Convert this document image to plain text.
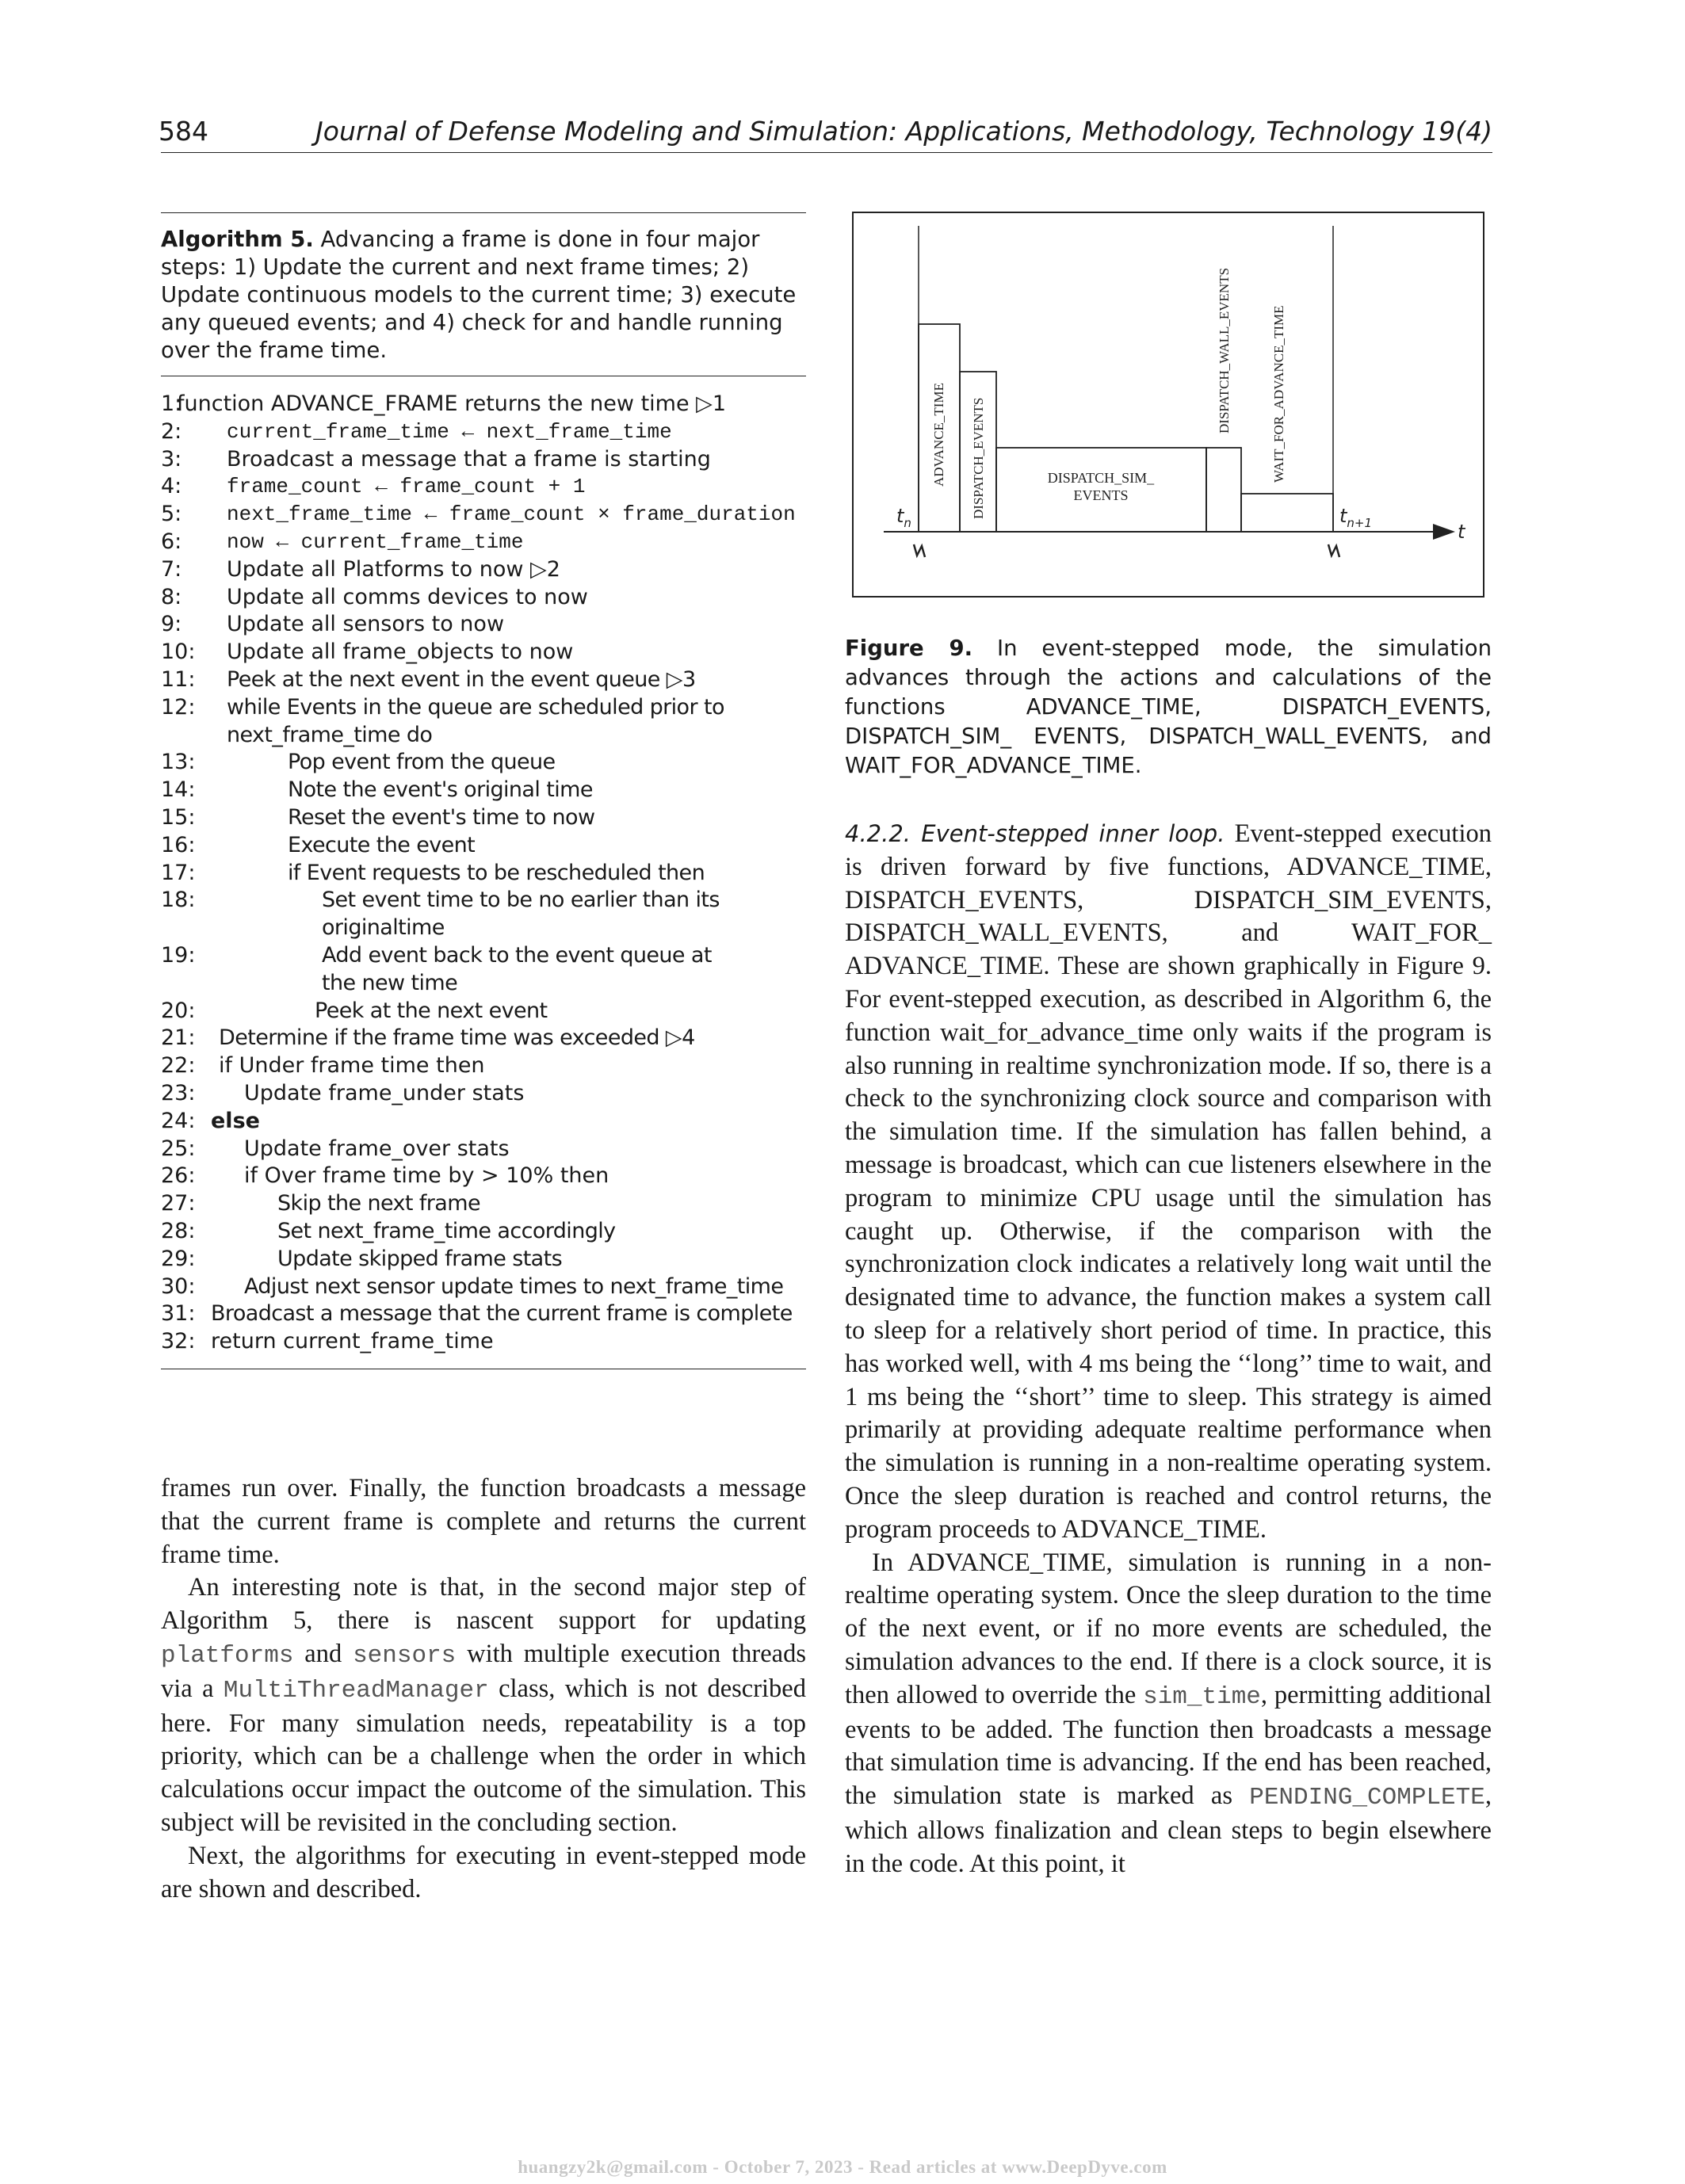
584	Journal of Defense Modeling and Simulation: Applications, Methodology, Technology 19(4)
Algorithm 5. Advancing a frame is done in four major steps: 1) Update the current and next frame times; 2) Update continuous models to the current time; 3) execute any queued events; and 4) check for and handle running over the frame time.
1:
function ADVANCE_FRAME returns the new time ▷1
2: current_frame_time ← next_frame_time
3: Broadcast a message that a frame is starting
4: frame_count ← frame_count + 1
5: next_frame_time ← frame_count × frame_duration
6: now ← current_frame_time
7: Update all Platforms to now ▷2
8: Update all comms devices to now
9: Update all sensors to now
10: Update all frame_objects to now
11: Peek at the next event in the event queue ▷3
12: while Events in the queue are scheduled prior to next_frame_time do
13:	Pop event from the queue
14:	Note the event's original time
15:	Reset the event's time to now
16:	Execute the event
17:	if Event requests to be rescheduled then
18:	Set event time to be no earlier than its originaltime
19:	Add event back to the event queue at the new time
20:	Peek at the next event
21: Determine if the frame time was exceeded ▷4
22: if Under frame time then
23: Update frame_under stats
24: else
25: Update frame_over stats
26: if Over frame time by > 10% then
27:	Skip the next frame
28:	Set next_frame_time accordingly
29:	Update skipped frame stats
30: Adjust next sensor update times to next_frame_time
31: Broadcast a message that the current frame is complete
32: return current_frame_time
ADVANCE_TIME DISPATCH_EVENTS	DISPATCH_SIM_
EVENTS
DISPATCH_WALL_EVENTS	WAIT_FOR_ADVANCE_TIME
$t_n$	$t_{n+1}$	t
Figure 9. In event-stepped mode, the simulation advances through the actions and calculations of the functions ADVANCE_TIME, DISPATCH_EVENTS, DISPATCH_SIM_ EVENTS, DISPATCH_WALL_EVENTS, and WAIT_FOR_ADVANCE_TIME.

frames run over. Finally, the function broadcasts a message that the current frame is complete and returns the current frame time.

An interesting note is that, in the second major step of Algorithm 5, there is nascent support for updating platforms and sensors with multiple execution threads via a MultiThreadManager class, which is not described here. For many simulation needs, repeatability is a top priority, which can be a challenge when the order in which calculations occur impact the outcome of the simulation. This subject will be revisited in the concluding section.

Next, the algorithms for executing in event-stepped mode are shown and described.

4.2.2. Event-stepped inner loop. Event-stepped execution is driven forward by five functions, ADVANCE_TIME, DISPATCH_EVENTS, DISPATCH_SIM_EVENTS, DISPATCH_WALL_EVENTS, and WAIT_FOR_ ADVANCE_TIME. These are shown graphically in Figure 9. For event-stepped execution, as described in Algorithm 6, the function wait_for_advance_time only waits if the program is also running in realtime synchronization mode. If so, there is a check to the synchronizing clock source and comparison with the simulation time. If the simulation has fallen behind, a message is broadcast, which can cue listeners elsewhere in the program to minimize CPU usage until the simulation has caught up. Otherwise, if the comparison with the synchronization clock indicates a relatively long wait until the designated time to advance, the function makes a system call to sleep for a relatively short period of time. In practice, this has worked well, with 4 ms being the ‘‘long’’ time to wait, and 1 ms being the ‘‘short’’ time to sleep. This strategy is aimed primarily at providing adequate realtime performance when the simulation is running in a non-realtime operating system. Once the sleep duration is reached and control returns, the program proceeds to ADVANCE_TIME.

In ADVANCE_TIME, simulation is running in a non-realtime operating system. Once the sleep duration to the time of the next event, or if no more events are scheduled, the simulation advances to the end. If there is a clock source, it is then allowed to override the sim_time, permitting additional events to be added. The function then broadcasts a message that simulation time is advancing. If the end has been reached, the simulation state is marked as PENDING_COMPLETE, which allows finalization and clean steps to begin elsewhere in the code. At this point, it

huangzy2k@gmail.com - October 7, 2023 - Read articles at www.DeepDyve.com
